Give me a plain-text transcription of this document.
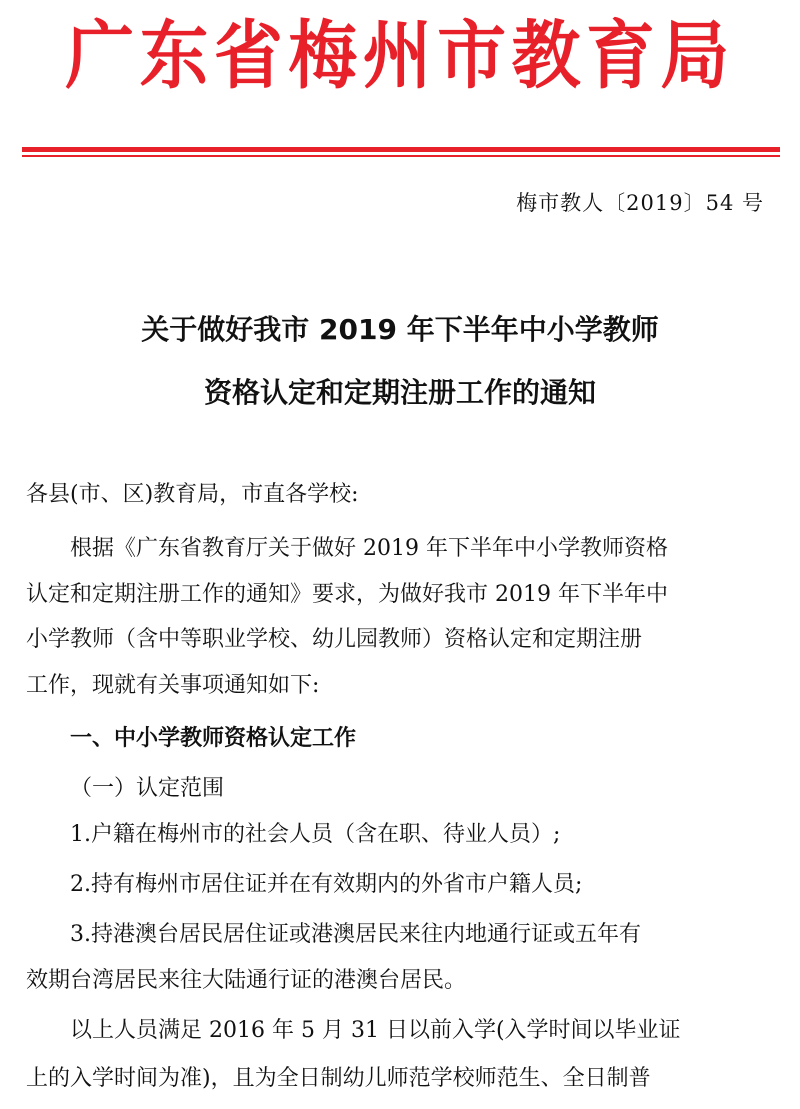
广东省梅州市教育局
梅市教人〔2019〕54 号
关于做好我市 2019 年下半年中小学教师
资格认定和定期注册工作的通知
各县(市、区)教育局，市直各学校:
根据《广东省教育厅关于做好 2019 年下半年中小学教师资格
认定和定期注册工作的通知》要求，为做好我市 2019 年下半年中
小学教师（含中等职业学校、幼儿园教师）资格认定和定期注册
工作，现就有关事项通知如下:
一、中小学教师资格认定工作
（一）认定范围
1.户籍在梅州市的社会人员（含在职、待业人员）;
2.持有梅州市居住证并在有效期内的外省市户籍人员;
3.持港澳台居民居住证或港澳居民来往内地通行证或五年有
效期台湾居民来往大陆通行证的港澳台居民。
以上人员满足 2016 年 5 月 31 日以前入学(入学时间以毕业证
上的入学时间为准)，且为全日制幼儿师范学校师范生、全日制普
